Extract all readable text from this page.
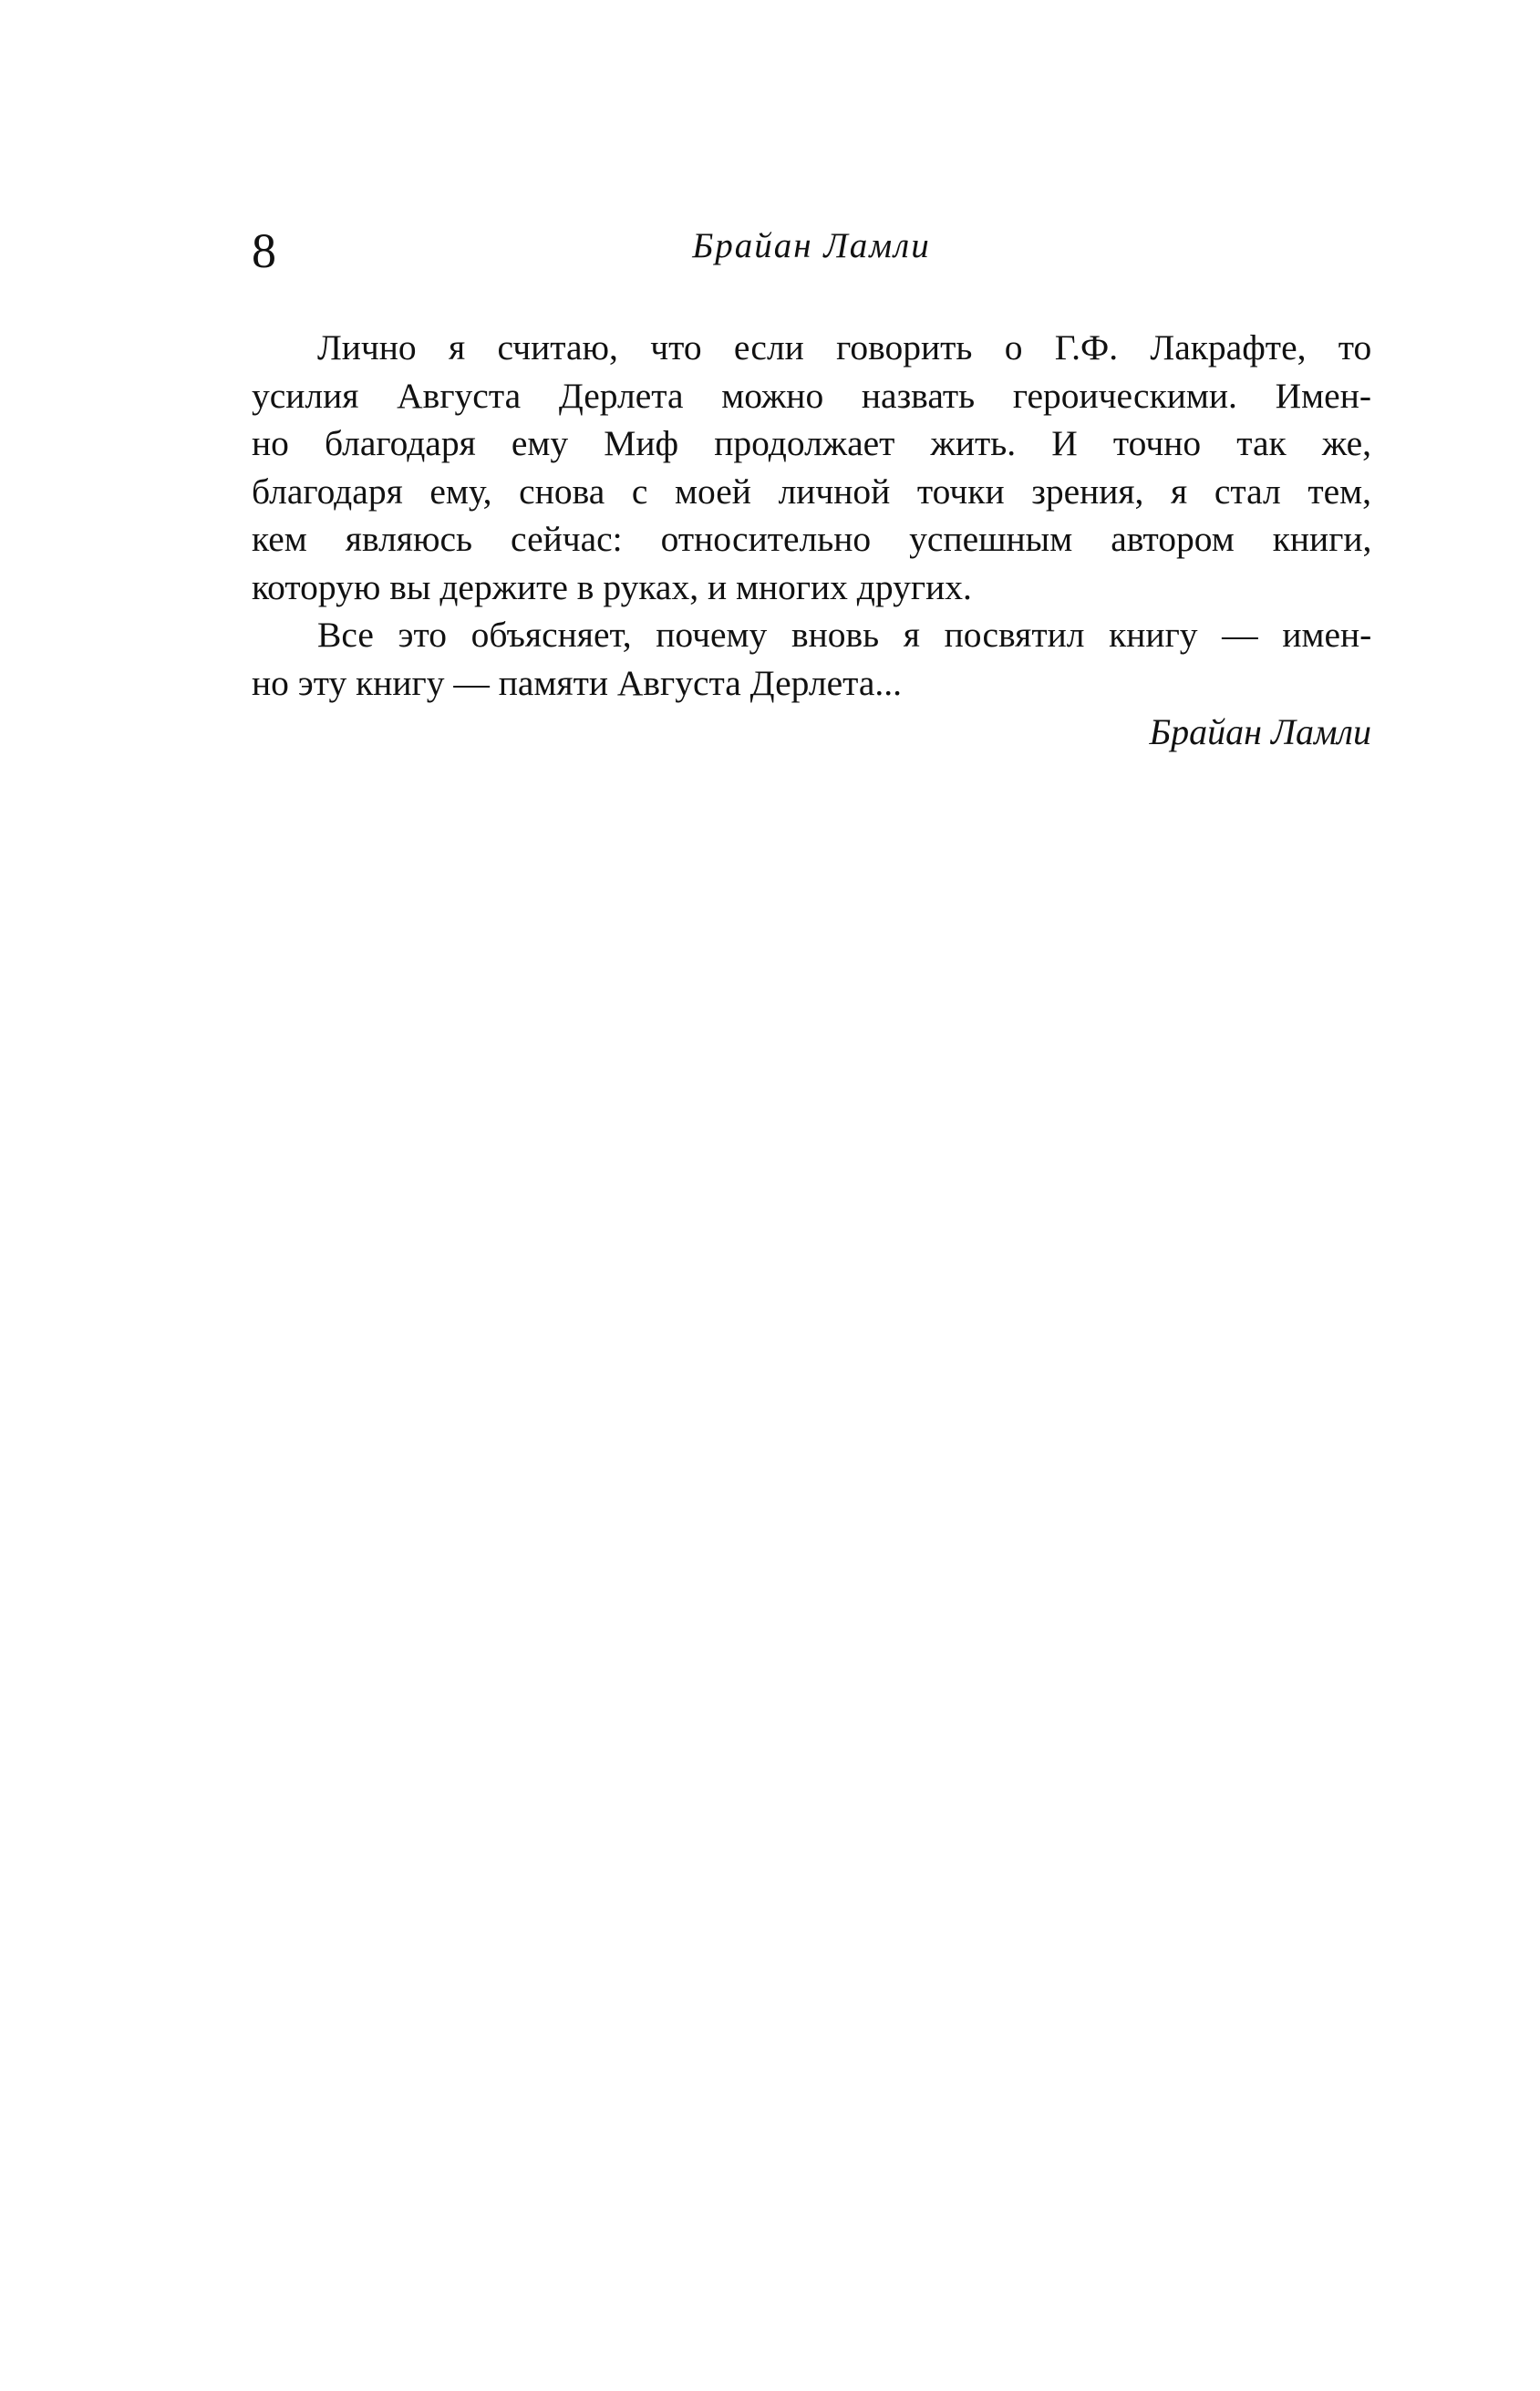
8	Брайан Ламли

Лично я считаю, что если говорить о Г.Ф. Лакрафте, то
усилия Августа Дерлета можно назвать героическими. Имен-
но благодаря ему Миф продолжает жить. И точно так же,
благодаря ему, снова с моей личной точки зрения, я стал тем,
кем являюсь сейчас: относительно успешным автором книги,
которую вы держите в руках, и многих других.

Все это объясняет, почему вновь я посвятил книгу — имен-
но эту книгу — памяти Августа Дерлета...

Брайан Ламли
